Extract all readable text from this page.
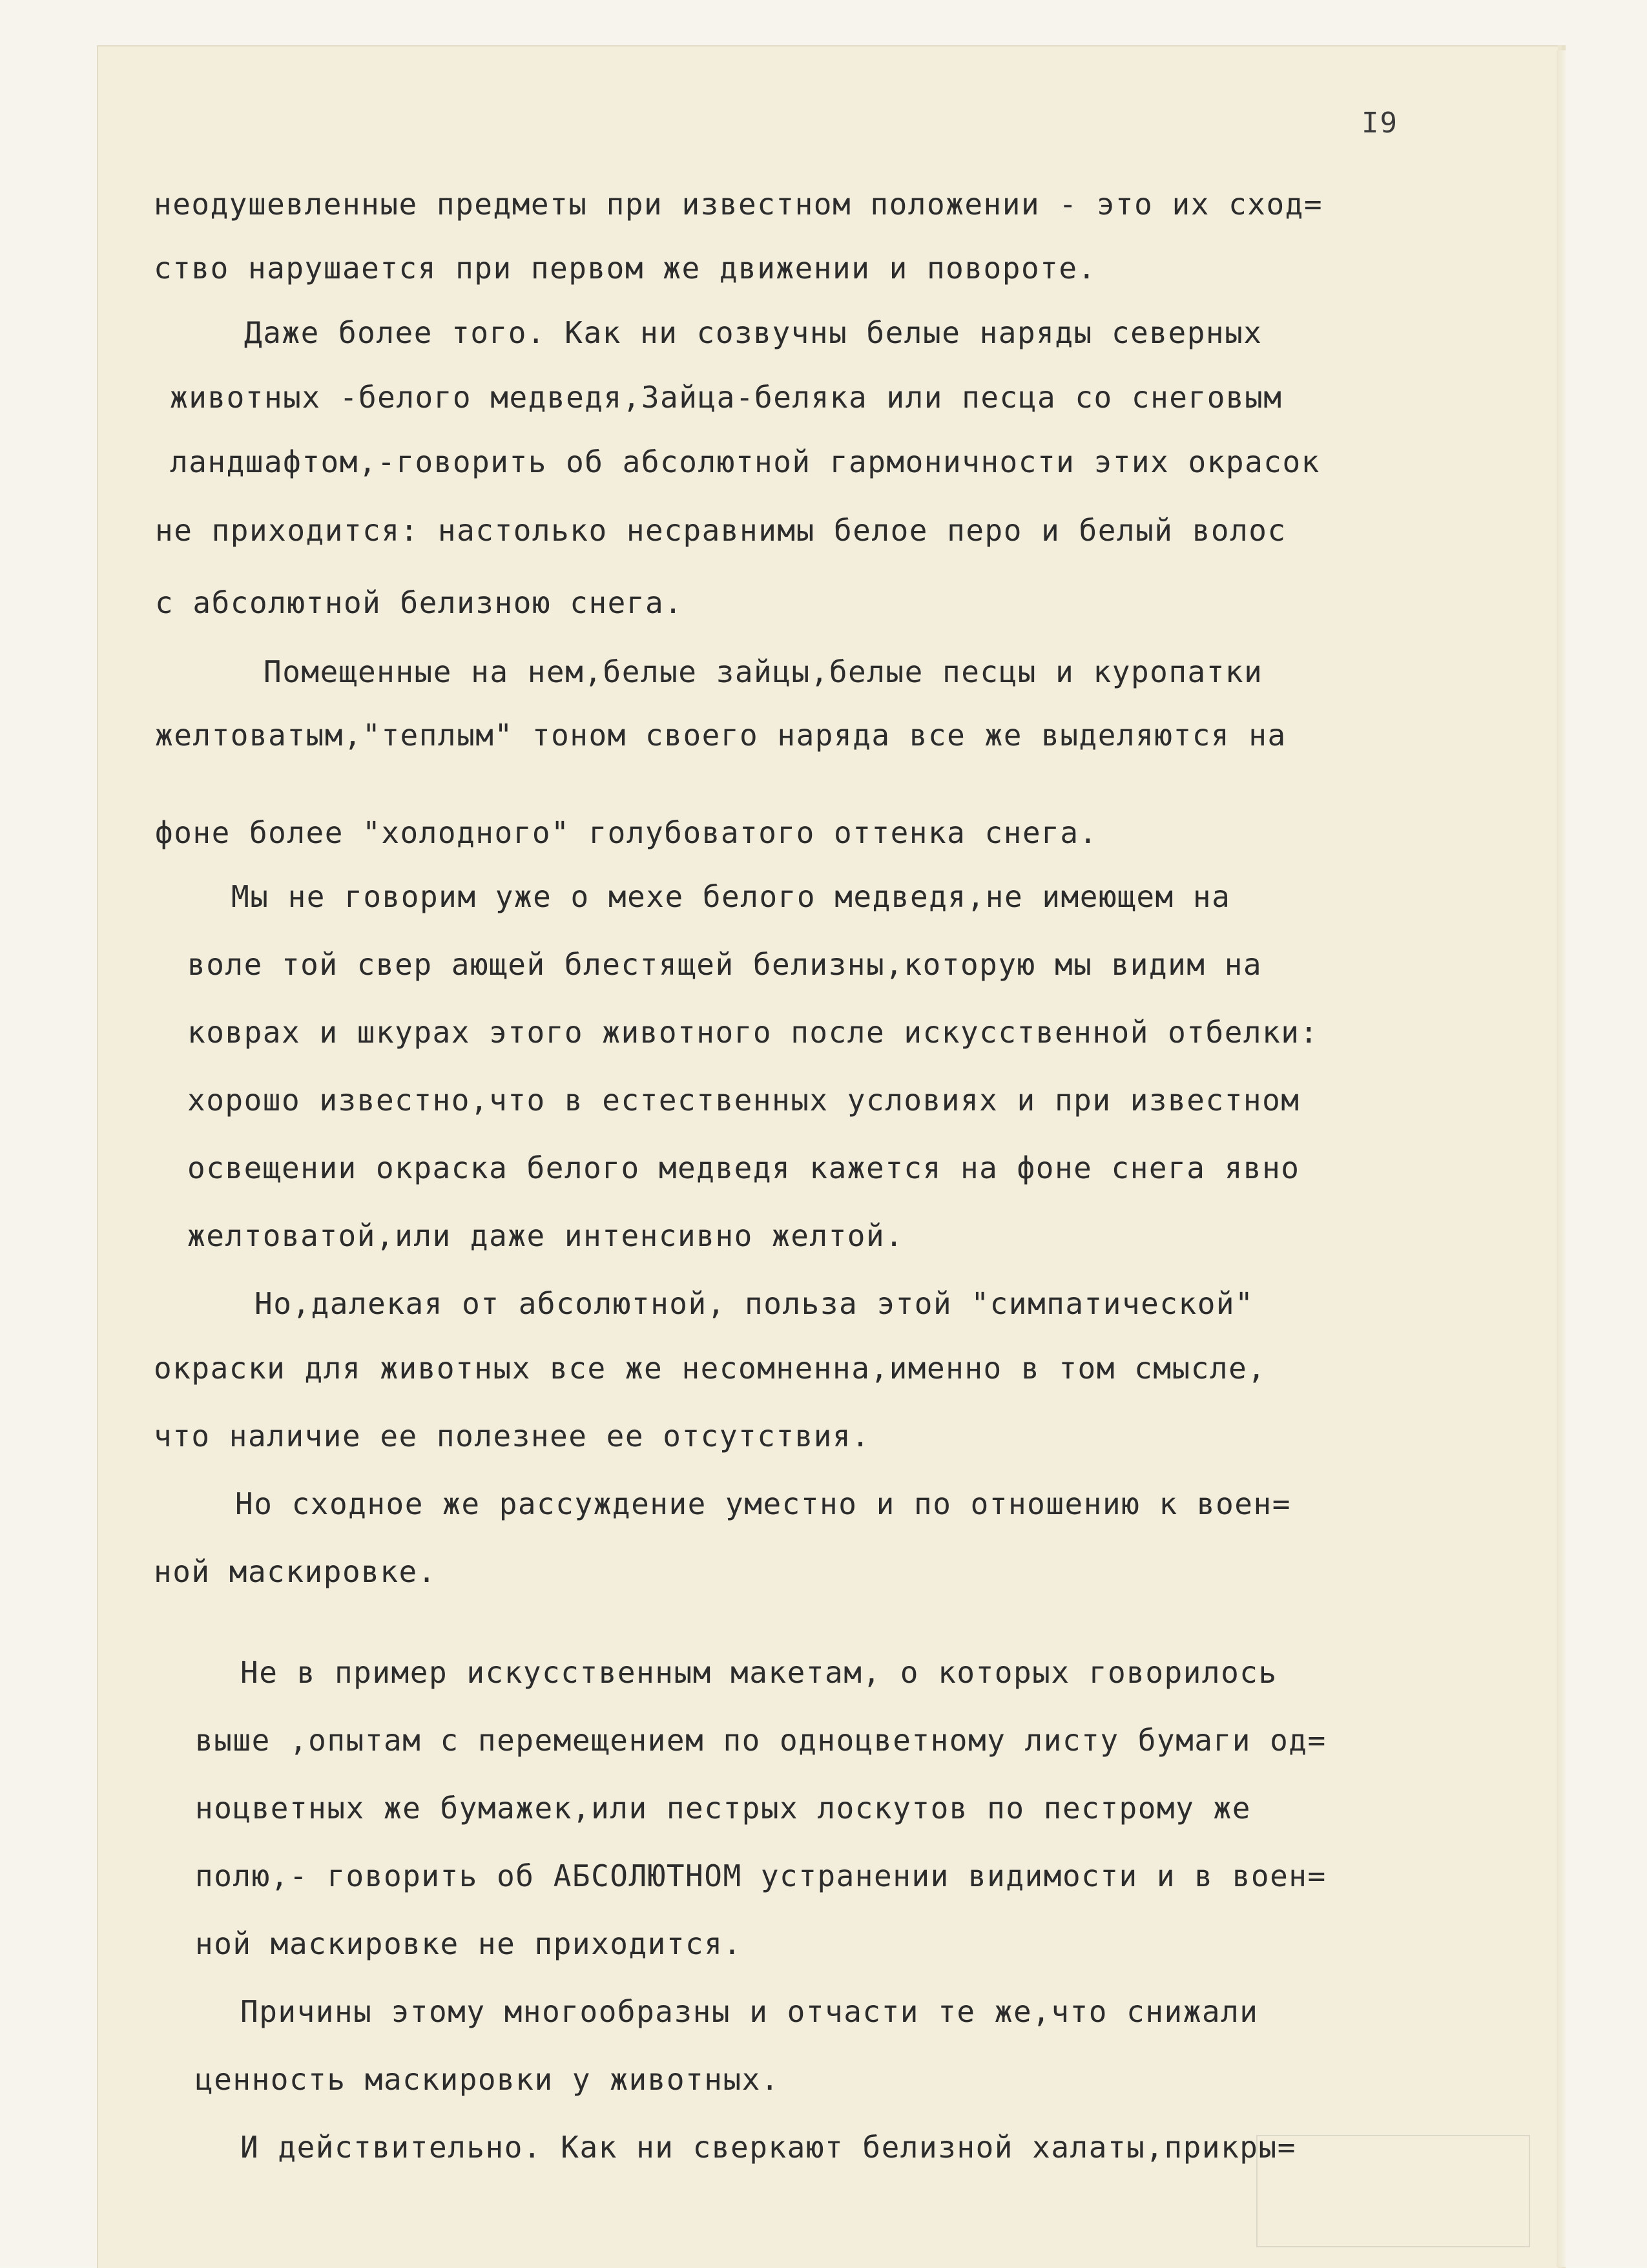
I9
неодушевленные предметы при известном положении - это их сход=
ство нарушается при первом же движении и повороте.
Даже более того. Как ни созвучны белые наряды северных
животных -белого медведя,Зайца-беляка или песца со снеговым
ландшафтом,-говорить об абсолютной гармоничности этих окрасок
не приходится: настолько несравнимы белое перо и белый волос
с абсолютной белизною снега.
Помещенные на нем,белые зайцы,белые песцы и куропатки
желтоватым,"теплым" тоном своего наряда все же выделяются на
фоне более "холодного" голубоватого оттенка снега.
Мы не говорим уже о мехе белого медведя,не имеющем на
воле той свер ающей блестящей белизны,которую мы видим на
коврах и шкурах этого животного после искусственной отбелки:
хорошо известно,что в естественных условиях и при известном
освещении окраска белого медведя кажется на фоне снега явно
желтоватой,или даже интенсивно желтой.
Но,далекая от абсолютной, польза этой "симпатической"
окраски для животных все же несомненна,именно в том смысле,
что наличие ее полезнее ее отсутствия.
Но сходное же рассуждение уместно и по отношению к воен=
ной маскировке.
Не в пример искусственным макетам, о которых говорилось
выше ,опытам с перемещением по одноцветному листу бумаги од=
ноцветных же бумажек,или пестрых лоскутов по пестрому же
полю,- говорить об АБСОЛЮТНОМ устранении видимости и в воен=
ной маскировке не приходится.
Причины этому многообразны и отчасти те же,что снижали
ценность маскировки у животных.
И действительно. Как ни сверкают белизной халаты,прикры=
